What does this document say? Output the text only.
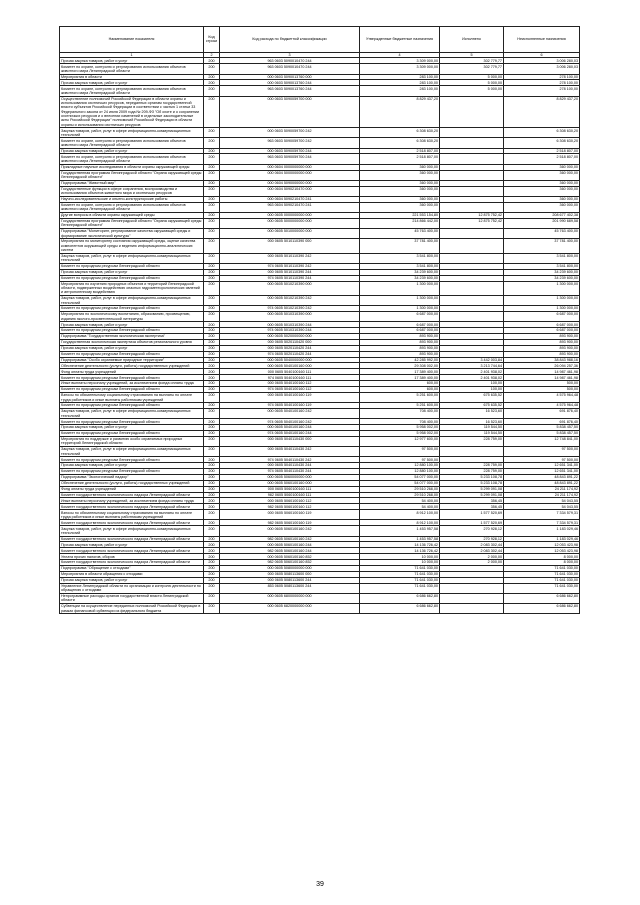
Наименование показателя	Код строки	Код расхода по бюджетной классификации	Утвержденные бюджетные назначения	Исполнено	Неисполненные назначения
1	2	3	4	5	6
Прочая закупка товаров, работ и услуг	200	963 0603 5090010470 244	3 309 000,00	302 779,77	3 006 280,03
Комитет по охране, контролю и регулированию использования объектов животного мира Ленинградской области	200	963 0603 5090010470 244	3 309 000,00	302 779,77	3 006 280,03
Мероприятия в области	200	000 0603 5090013760 000	283 100,00	5 000,00	278 100,00
Прочая закупка товаров, работ и услуг	200	000 0603 5090013760 244	283 100,00	5 000,00	278 100,00
Комитет по охране, контролю и регулированию использования объектов животного мира Ленинградской области	200	963 0603 5090013760 244	283 100,00	5 000,00	278 100,00
Осуществление полномочий Российской Федерации в области охраны и использования охотничьих ресурсов, переданных органам государственной власти субъектов Российской Федерации в соответствии с частью 1 статьи 33 Федерального закона от 24 июля 2009 года № 209-ФЗ "Об охоте и о сохранении охотничьих ресурсов и о внесении изменений в отдельные законодательные акты Российской Федерации" полномочий Российской Федерации в области охраны и использования охотничьих ресурсов	200	000 0603 5090059700 000	8 829 437,20		8 829 437,20
Закупка товаров, работ, услуг в сфере информационно-коммуникационных технологий	200	000 0603 5090059700 242	6 308 630,20		6 308 630,20
Комитет по охране, контролю и регулированию использования объектов животного мира Ленинградской области	200	963 0603 5090059700 242	6 308 630,20		6 308 630,20
Прочая закупка товаров, работ и услуг	200	000 0603 5090059700 244	2 518 807,00		2 518 807,00
Комитет по охране, контролю и регулированию использования объектов животного мира Ленинградской области	200	963 0603 5090059700 244	2 518 807,00		2 518 807,00
Прикладные научные исследования в области охраны окружающей среды	200	000 0604 0000000000 000	360 000,00		360 000,00
Государственная программа Ленинградской области "Охрана окружающей среды Ленинградской области"	200	000 0604 5000000000 000	360 000,00		360 000,00
Подпрограмма "Животный мир"	200	000 0604 5090000000 000	360 000,00		360 000,00
Государственные функции в сфере сохранения, воспроизводства и использования объектов животного мира и охотничьих ресурсов	200	000 0604 5090210470 000	360 000,00		360 000,00
Научно-исследовательские и опытно-конструкторские работы	200	000 0604 5090210470 241	360 000,00		360 000,00
Комитет по охране, контролю и регулированию использования объектов животного мира Ленинградской области	200	963 0604 5090210470 241	360 000,00		360 000,00
Другие вопросы в области охраны окружающей среды	200	000 0605 0000000000 000	221 553 154,80	12 875 752,42	208 677 402,38
Государственная программа Ленинградской области "Охрана окружающей среды Ленинградской области"	200	000 0605 5000000000 000	214 866 442,00	12 875 752,42	201 990 689,58
Подпрограмма "Мониторинг, регулирование качества окружающей среды и формирование экологической культуры"	200	000 0605 5010000000 000	45 763 400,00		45 763 400,00
Мероприятия по мониторингу состояния окружающей среды, оценке качества компонентов окружающей среды и ведению информационно-аналитических систем	200	000 0605 5010110390 000	37 781 400,00		37 781 400,00
Закупка товаров, работ, услуг в сфере информационно-коммуникационных технологий	200	000 0605 5010110390 242	3 541 800,00		3 541 800,00
Комитет по природным ресурсам Ленинградской области	200	974 0605 5010110390 242	3 541 800,00		3 541 800,00
Прочая закупка товаров, работ и услуг	200	000 0605 5010110390 244	34 239 600,00		34 239 600,00
Комитет по природным ресурсам Ленинградской области	200	974 0605 5010110390 244	34 239 600,00		34 239 600,00
Мероприятия по изучению природных объектов и территорий Ленинградской области, подверженных воздействию опасных гидрометеорологических явлений и антропогенному воздействию	200	000 0605 5010210390 000	1 300 000,00		1 300 000,00
Закупка товаров, работ, услуг в сфере информационно-коммуникационных технологий	200	000 0605 5010210390 242	1 300 000,00		1 300 000,00
Комитет по природным ресурсам Ленинградской области	200	974 0605 5010210390 242	1 300 000,00		1 300 000,00
Мероприятия по экологическому воспитанию, образованию, просвещению, изданию эколого-просветительской литературы	200	000 0605 5010310390 000	6 687 000,00		6 687 000,00
Прочая закупка товаров, работ и услуг	200	000 0605 5010310390 244	6 687 000,00		6 687 000,00
Комитет по природным ресурсам Ленинградской области	200	974 0605 5010310390 244	6 687 000,00		6 687 000,00
Подпрограмма "Государственная экологическая экспертиза"	200	000 0605 5020000000 000	893 900,00		893 900,00
Государственная экологическая экспертиза объектов регионального уровня	200	000 0605 5020110420 000	893 900,00		893 900,00
Прочая закупка товаров, работ и услуг	200	000 0605 5020110420 244	893 900,00		893 900,00
Комитет по природным ресурсам Ленинградской области	200	974 0605 5020110420 244	893 900,00		893 900,00
Подпрограмма "Особо охраняемые природные территории"	200	000 0605 5040000000 000	42 285 992,00	3 442 003,84	38 843 988,16
Обеспечение деятельности (услуги, работы) государственных учреждений	200	000 0605 5040100160 000	29 308 002,00	3 213 744,64	26 094 257,36
Фонд оплаты труда учреждений	200	000 0605 5040100160 111	17 389 400,00	2 401 938,02	14 987 461,98
Комитет по природным ресурсам Ленинградской области	200	974 0605 5040100160 111	17 389 400,00	2 401 938,02	14 987 461,98
Иные выплаты персоналу учреждений, за исключением фонда оплаты труда	200	000 0605 5040100160 112	600,00	100,00	500,00
Комитет по природным ресурсам Ленинградской области	200	974 0605 5040100160 112	600,00	100,00	500,00
Взносы по обязательному социальному страхованию на выплаты по оплате труда работников и иные выплаты работникам учреждений	200	000 0605 5040100160 119	5 251 600,00	675 635,52	4 575 964,48
Комитет по природным ресурсам Ленинградской области	200	974 0605 5040100160 119	5 251 600,00	675 635,52	4 575 964,48
Закупка товаров, работ, услуг в сфере информационно-коммуникационных технологий	200	000 0605 5040100160 242	708 400,00	16 523,60	691 876,40
Комитет по природным ресурсам Ленинградской области	200	974 0605 5040100160 242	708 400,00	16 523,60	691 876,40
Прочая закупка товаров, работ и услуг	200	000 0605 5040100160 244	5 958 002,00	119 544,50	5 838 457,50
Комитет по природным ресурсам Ленинградской области	200	974 0605 5040100160 244	5 958 002,00	119 544,50	5 838 457,50
Мероприятия по поддержке и развитию особо охраняемых природных территорий Ленинградской области	200	000 0605 5040110430 000	12 977 600,00	228 759,00	12 748 841,00
Закупка товаров, работ, услуг в сфере информационно-коммуникационных технологий	200	000 0605 5040110430 242	97 500,00		97 500,00
Комитет по природным ресурсам Ленинградской области	200	974 0605 5040110430 242	97 500,00		97 500,00
Прочая закупка товаров, работ и услуг	200	000 0605 5040110430 244	12 880 100,00	228 759,00	12 651 341,00
Комитет по природным ресурсам Ленинградской области	200	974 0605 5040110430 244	12 880 100,00	228 759,00	12 651 341,00
Подпрограмма "Экологический надзор"	200	000 0605 5060000000 000	54 077 000,00	5 233 108,78	48 843 891,22
Обеспечение деятельности (услуги, работы) государственных учреждений	200	000 0605 5060100160 000	54 077 000,00	5 233 108,78	48 843 891,22
Фонд оплаты труда учреждений	200	000 0605 5060100160 111	29 510 268,00	5 299 091,08	24 211 174,92
Комитет государственного экологического надзора Ленинградской области	200	982 0605 5060100160 111	29 510 268,00	5 299 091,08	24 211 174,92
Иные выплаты персоналу учреждений, за исключением фонда оплаты труда	200	000 0605 5060100160 112	54 400,00	356,45	54 043,55
Комитет государственного экологического надзора Ленинградской области	200	982 0605 5060100160 112	54 400,00	356,45	54 043,55
Взносы по обязательному социальному страхованию на выплаты по оплате труда работников и иные выплаты работникам учреждений	200	000 0605 5060100160 119	8 912 100,00	1 577 520,69	7 334 579,31
Комитет государственного экологического надзора Ленинградской области	200	982 0605 5060100160 119	8 912 100,00	1 577 520,69	7 334 579,31
Закупка товаров, работ, услуг в сфере информационно-коммуникационных технологий	200	000 0605 5060100160 242	1 453 957,58	270 928,12	1 183 029,46
Комитет государственного экологического надзора Ленинградской области	200	982 0605 5060100160 242	1 453 957,58	270 928,12	1 183 029,46
Прочая закупка товаров, работ и услуг	200	000 0605 5060100160 244	14 136 726,42	2 083 302,44	12 053 423,98
Комитет государственного экологического надзора Ленинградской области	200	982 0605 5060100160 244	14 136 726,42	2 083 302,44	12 053 423,98
Уплата прочих налогов, сборов	200	000 0605 5060100160 852	10 000,00	2 000,00	8 000,00
Комитет государственного экологического надзора Ленинградской области	200	982 0605 5060100160 852	10 000,00	2 000,00	8 000,00
Подпрограмма "Обращение с отходами"	200	000 0605 5080000000 000	71 641 030,00		71 641 030,00
Мероприятия в области обращения с отходами	200	000 0605 5080113600 000	71 641 030,00		71 641 030,00
Прочая закупка товаров, работ и услуг	200	000 0605 5080113600 244	71 641 030,00		71 641 030,00
Управление Ленинградской области по организации и контролю деятельности по обращению с отходами	200	853 0605 5080113600 244	71 641 030,00		71 641 030,00
Непрограммные расходы органов государственной власти Ленинградской области	200	000 0605 6800000000 000	6 686 662,80		6 686 662,80
Субвенции на осуществление переданных полномочий Российской Федерации в рамках финансовой субвенции из федерального бюджета	200	000 0605 6820000000 000	6 686 662,80		6 686 662,80
39
